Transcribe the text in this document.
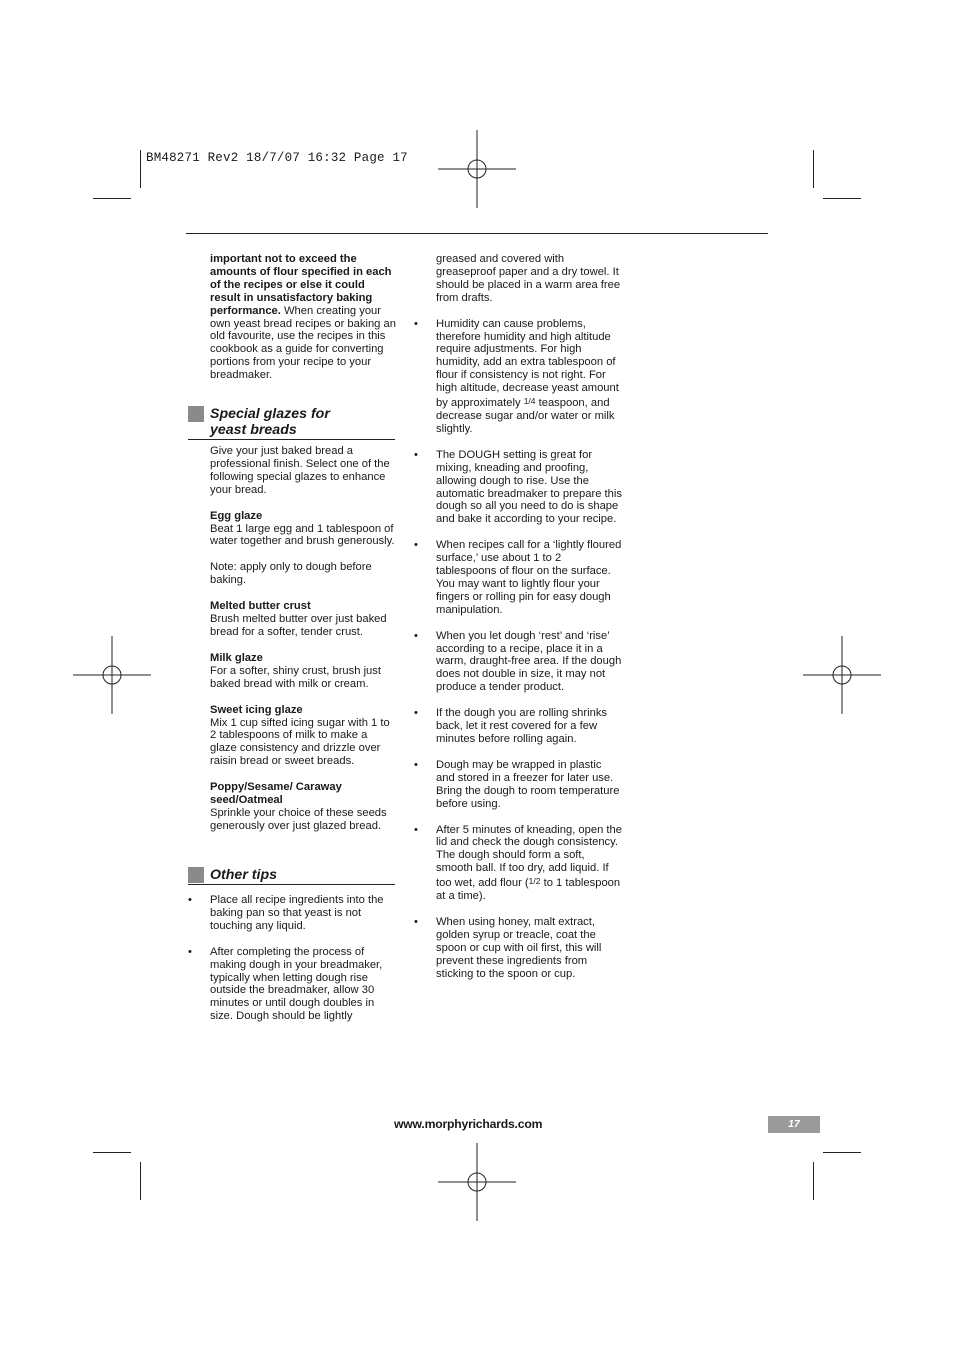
BM48271 Rev2 18/7/07 16:32 Page 17

important not to exceed the amounts of flour specified in each of the recipes or else it could result in unsatisfactory baking performance. When creating your own yeast bread recipes or baking an old favourite, use the recipes in this cookbook as a guide for converting portions from your recipe to your breadmaker.

Special glazes for
yeast breads

Give your just baked bread a professional finish. Select one of the following special glazes to enhance your bread.

Egg glaze

Beat 1 large egg and 1 tablespoon of water together and brush generously.

Note: apply only to dough before baking.

Melted butter crust

Brush melted butter over just baked bread for a softer, tender crust.

Milk glaze

For a softer, shiny crust, brush just baked bread with milk or cream.

Sweet icing glaze

Mix 1 cup sifted icing sugar with 1 to 2 tablespoons of milk to make a glaze consistency and drizzle over raisin bread or sweet breads.

Poppy/Sesame/ Caraway seed/Oatmeal

Sprinkle your choice of these seeds generously over just glazed bread.

Other tips
• Place all recipe ingredients into the baking pan so that yeast is not touching any liquid.
• After completing the process of making dough in your breadmaker, typically when letting dough rise outside the breadmaker, allow 30 minutes or until dough doubles in size. Dough should be lightly
greased and covered with greaseproof paper and a dry towel. It should be placed in a warm area free from drafts.
• Humidity can cause problems, therefore humidity and high altitude require adjustments. For high humidity, add an extra tablespoon of flour if consistency is not right. For high altitude, decrease yeast amount by approximately 1/4 teaspoon, and decrease sugar and/or water or milk slightly.
• The DOUGH setting is great for mixing, kneading and proofing, allowing dough to rise. Use the automatic breadmaker to prepare this dough so all you need to do is shape and bake it according to your recipe.
• When recipes call for a ‘lightly floured surface,’ use about 1 to 2 tablespoons of flour on the surface. You may want to lightly flour your fingers or rolling pin for easy dough manipulation.
• When you let dough ‘rest’ and ‘rise’ according to a recipe, place it in a warm, draught-free area. If the dough does not double in size, it may not produce a tender product.
• If the dough you are rolling shrinks back, let it rest covered for a few minutes before rolling again.
• Dough may be wrapped in plastic and stored in a freezer for later use. Bring the dough to room temperature before using.
• After 5 minutes of kneading, open the lid and check the dough consistency. The dough should form a soft, smooth ball. If too dry, add liquid. If too wet, add flour (1/2 to 1 tablespoon at a time).
• When using honey, malt extract, golden syrup or treacle, coat the spoon or cup with oil first, this will prevent these ingredients from sticking to the spoon or cup.
www.morphyrichards.com	17
